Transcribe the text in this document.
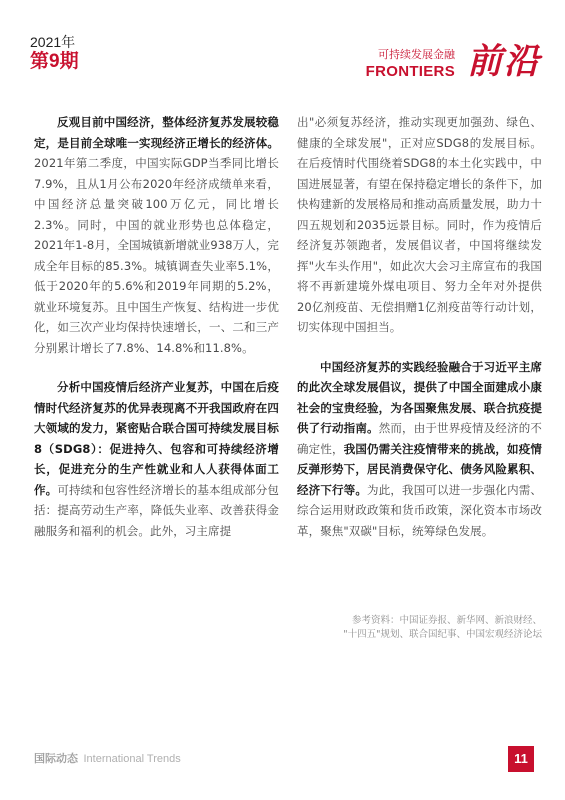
2021年
第9期	可持续发展金融
FRONTIERS 前沿

反观目前中国经济，整体经济复苏发展较稳定，是目前全球唯一实现经济正增长的经济体。2021年第二季度，中国实际GDP当季同比增长7.9%，且从1月公布2020年经济成绩单来看，中国经济总量突破100万亿元，同比增长2.3%。同时，中国的就业形势也总体稳定，2021年1-8月，全国城镇新增就业938万人，完成全年目标的85.3%。城镇调查失业率5.1%，低于2020年的5.6%和2019年同期的5.2%，就业环境复苏。且中国生产恢复、结构进一步优化，如三次产业均保持快速增长，一、二和三产分别累计增长了7.8%、14.8%和11.8%。

分析中国疫情后经济产业复苏，中国在后疫情时代经济复苏的优异表现离不开我国政府在四大领域的发力，紧密贴合联合国可持续发展目标8（SDG8）：促进持久、包容和可持续经济增长，促进充分的生产性就业和人人获得体面工作。可持续和包容性经济增长的基本组成部分包括：提高劳动生产率，降低失业率、改善获得金融服务和福利的机会。此外，习主席提

出"必须复苏经济，推动实现更加强劲、绿色、健康的全球发展"，正对应SDG8的发展目标。在后疫情时代围绕着SDG8的本土化实践中，中国进展显著，有望在保持稳定增长的条件下，加快构建新的发展格局和推动高质量发展，助力十四五规划和2035远景目标。同时，作为疫情后经济复苏领跑者，发展倡议者，中国将继续发挥"火车头作用"，如此次大会习主席宣布的我国将不再新建境外煤电项目、努力全年对外提供20亿剂疫苗、无偿捐赠1亿剂疫苗等行动计划，切实体现中国担当。

中国经济复苏的实践经验融合于习近平主席的此次全球发展倡议，提供了中国全面建成小康社会的宝贵经验，为各国聚焦发展、联合抗疫提供了行动指南。然而，由于世界疫情及经济的不确定性，我国仍需关注疫情带来的挑战，如疫情反弹形势下，居民消费保守化、债务风险累积、经济下行等。为此，我国可以进一步强化内需、综合运用财政政策和货币政策，深化资本市场改革，聚焦"双碳"目标，统筹绿色发展。

参考资料：中国证券报、新华网、新浪财经、
"十四五"规划、联合国纪事、中国宏观经济论坛
国际动态 International Trends	11
